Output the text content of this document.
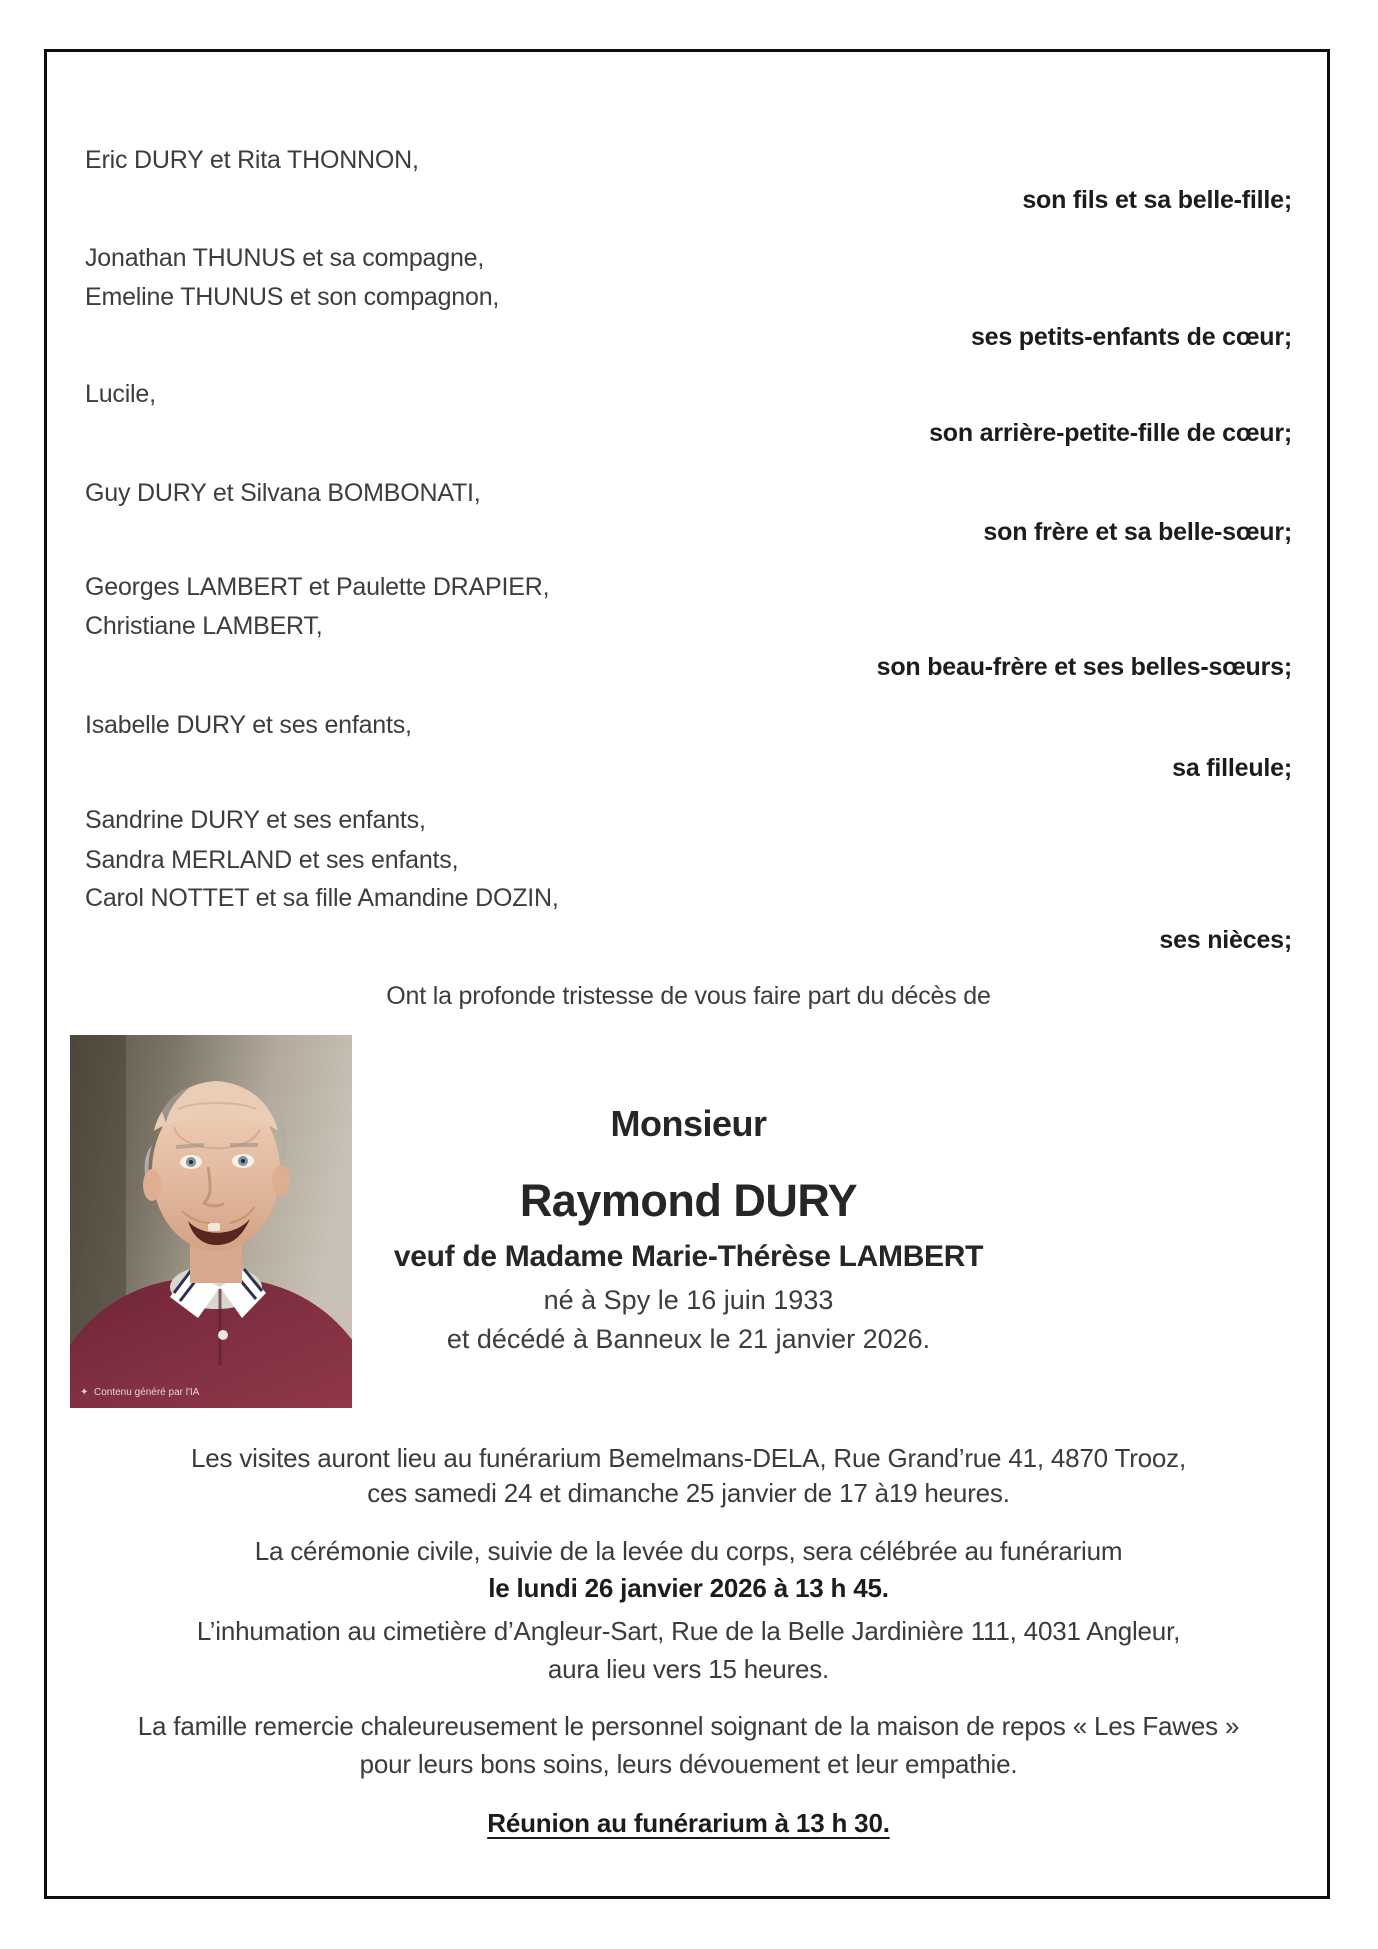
Eric DURY et Rita THONNON,
son fils et sa belle-fille;
Jonathan THUNUS et sa compagne,
Emeline THUNUS et son compagnon,
ses petits-enfants de cœur;
Lucile,
son arrière-petite-fille de cœur;
Guy DURY et Silvana BOMBONATI,
son frère et sa belle-sœur;
Georges LAMBERT et Paulette DRAPIER,
Christiane LAMBERT,
son beau-frère et ses belles-sœurs;
Isabelle DURY et ses enfants,
sa filleule;
Sandrine DURY et ses enfants,
Sandra MERLAND et ses enfants,
Carol NOTTET et sa fille Amandine DOZIN,
ses nièces;
Ont la profonde tristesse de vous faire part du décès de
✦ Contenu généré par l'IA
Monsieur
Raymond DURY
veuf de Madame Marie-Thérèse LAMBERT
né à Spy le 16 juin 1933
et décédé à Banneux le 21 janvier 2026.
Les visites auront lieu au funérarium Bemelmans-DELA, Rue Grand’rue 41, 4870 Trooz,
ces samedi 24 et dimanche 25 janvier de 17 à19 heures.
La cérémonie civile, suivie de la levée du corps, sera célébrée au funérarium
le lundi 26 janvier 2026 à 13 h 45.
L’inhumation au cimetière d’Angleur-Sart, Rue de la Belle Jardinière 111, 4031 Angleur,
aura lieu vers 15 heures.
La famille remercie chaleureusement le personnel soignant de la maison de repos « Les Fawes »
pour leurs bons soins, leurs dévouement et leur empathie.
Réunion au funérarium à 13 h 30.
